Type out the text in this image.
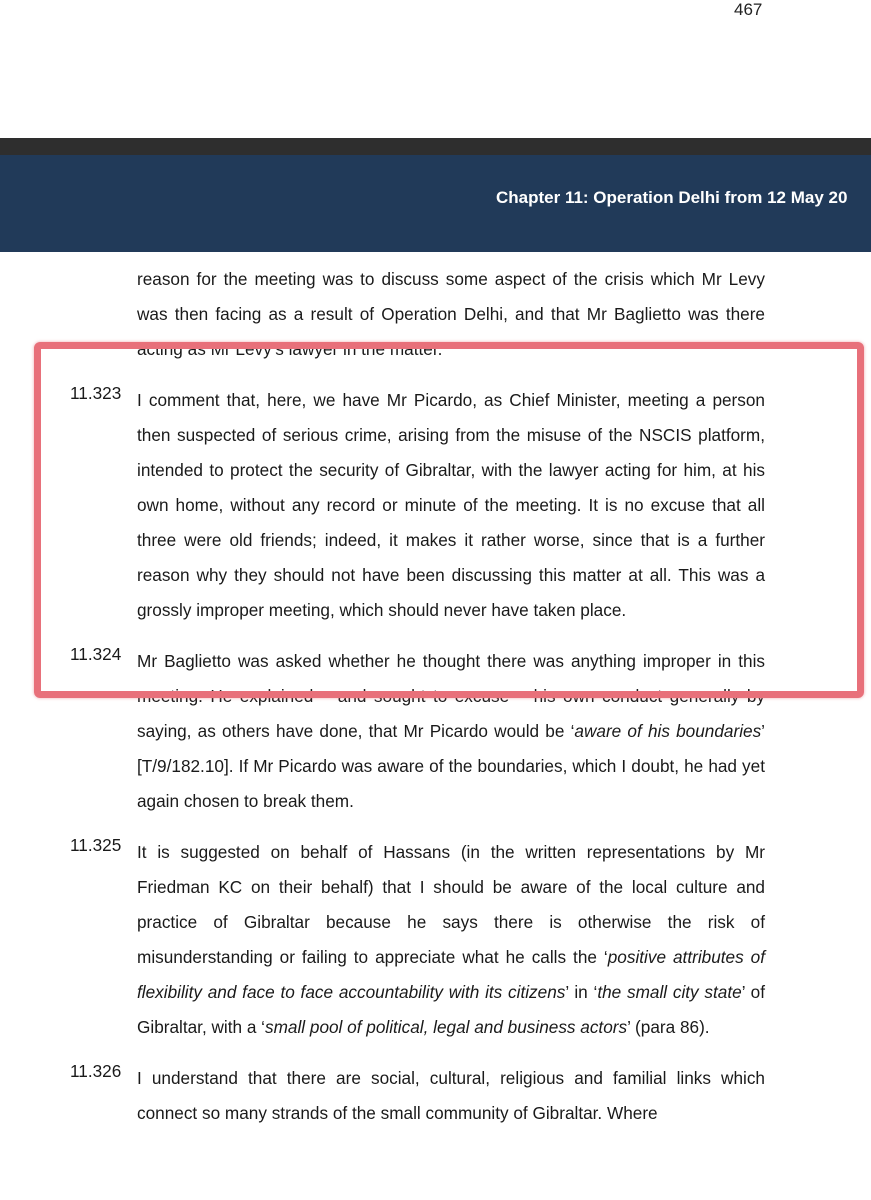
467
Chapter 11: Operation Delhi from 12 May 20
reason for the meeting was to discuss some aspect of the crisis which Mr Levy was then facing as a result of Operation Delhi, and that Mr Baglietto was there acting as Mr Levy’s lawyer in the matter.
11.323 I comment that, here, we have Mr Picardo, as Chief Minister, meeting a person then suspected of serious crime, arising from the misuse of the NSCIS platform, intended to protect the security of Gibraltar, with the lawyer acting for him, at his own home, without any record or minute of the meeting. It is no excuse that all three were old friends; indeed, it makes it rather worse, since that is a further reason why they should not have been discussing this matter at all. This was a grossly improper meeting, which should never have taken place.
11.324 Mr Baglietto was asked whether he thought there was anything improper in this meeting. He explained – and sought to excuse – his own conduct generally by saying, as others have done, that Mr Picardo would be ‘aware of his boundaries’ [T/9/182.10]. If Mr Picardo was aware of the boundaries, which I doubt, he had yet again chosen to break them.
11.325 It is suggested on behalf of Hassans (in the written representations by Mr Friedman KC on their behalf) that I should be aware of the local culture and practice of Gibraltar because he says there is otherwise the risk of misunderstanding or failing to appreciate what he calls the ‘positive attributes of flexibility and face to face accountability with its citizens’ in ‘the small city state’ of Gibraltar, with a ‘small pool of political, legal and business actors’ (para 86).
11.326 I understand that there are social, cultural, religious and familial links which connect so many strands of the small community of Gibraltar. Where
